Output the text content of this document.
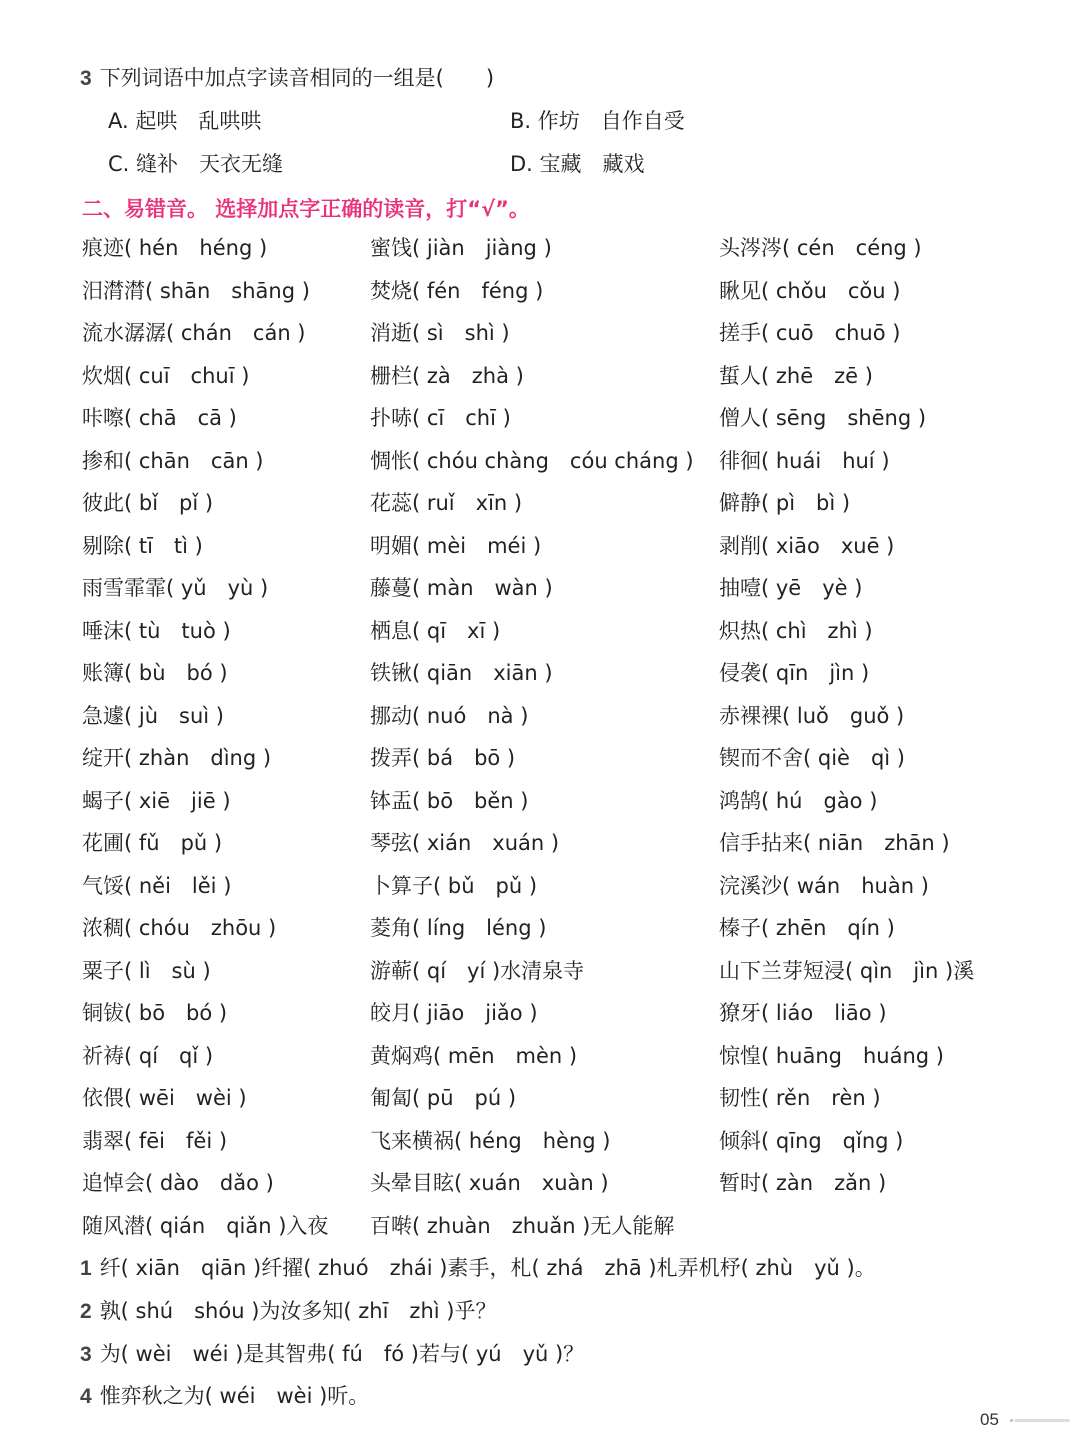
3 下列词语中加点字读音相同的一组是(　　)
A. 起哄　乱哄哄	B. 作坊　自作自受
C. 缝补　天衣无缝	D. 宝藏　藏戏
二、易错音。 选择加点字正确的读音，打“√”。
痕迹( hén　héng )	蜜饯( jiàn　jiàng )	头涔涔( cén　céng )
汨潸潸( shān　shāng )	焚烧( fén　féng )	瞅见( chǒu　cǒu )
流水潺潺( chán　cán )	消逝( sì　shì )	搓手( cuō　chuō )
炊烟( cuī　chuī )	栅栏( zà　zhà )	蜇人( zhē　zē )
咔嚓( chā　cā )	扑哧( cī　chī )	僧人( sēng　shēng )
掺和( chān　cān )	惆怅( chóu chàng　cóu cháng ) 徘徊( huái　huí )
彼此( bǐ　pǐ )	花蕊( ruǐ　xīn )	僻静( pì　bì )
剔除( tī　tì )	明媚( mèi　méi )	剥削( xiāo　xuē )
雨雪霏霏( yǔ　yù )	藤蔓( màn　wàn )	抽噎( yē　yè )
唾沫( tù　tuò )	栖息( qī　xī )	炽热( chì　zhì )
账簿( bù　bó )	铁锹( qiān　xiān )	侵袭( qīn　jìn )
急遽( jù　suì )	挪动( nuó　nà )	赤裸裸( luǒ　guǒ )
绽开( zhàn　dìng )	拨弄( bá　bō )	锲而不舍( qiè　qì )
蝎子( xiē　jiē )	钵盂( bō　běn )	鸿鹄( hú　gào )
花圃( fǔ　pǔ )	琴弦( xián　xuán )	信手拈来( niān　zhān )
气馁( něi　lěi )	卜算子( bǔ　pǔ )	浣溪沙( wán　huàn )
浓稠( chóu　zhōu )	菱角( líng　léng )	榛子( zhēn　qín )
粟子( lì　sù )	游蕲( qí　yí )水清泉寺	山下兰芽短浸( qìn　jìn )溪
铜钹( bō　bó )	皎月( jiāo　jiǎo )	獠牙( liáo　liāo )
祈祷( qí　qǐ )	黄焖鸡( mēn　mèn )	惊惶( huāng　huáng )
依偎( wēi　wèi )	匍匐( pū　pú )	韧性( rěn　rèn )
翡翠( fēi　fěi )	飞来横祸( héng　hèng )	倾斜( qīng　qǐng )
追悼会( dào　dǎo )	头晕目眩( xuán　xuàn )	暂时( zàn　zǎn )
随风潜( qián　qiǎn )入夜 百啭( zhuàn　zhuǎn )无人能解
1 纤( xiān　qiān )纤擢( zhuó　zhái )素手，札( zhá　zhā )札弄机杼( zhù　yǔ )。
2 孰( shú　shóu )为汝多知( zhī　zhì )乎？
3 为( wèi　wéi )是其智弗( fú　fó )若与( yú　yǔ )？
4 惟弈秋之为( wéi　wèi )听。
05
